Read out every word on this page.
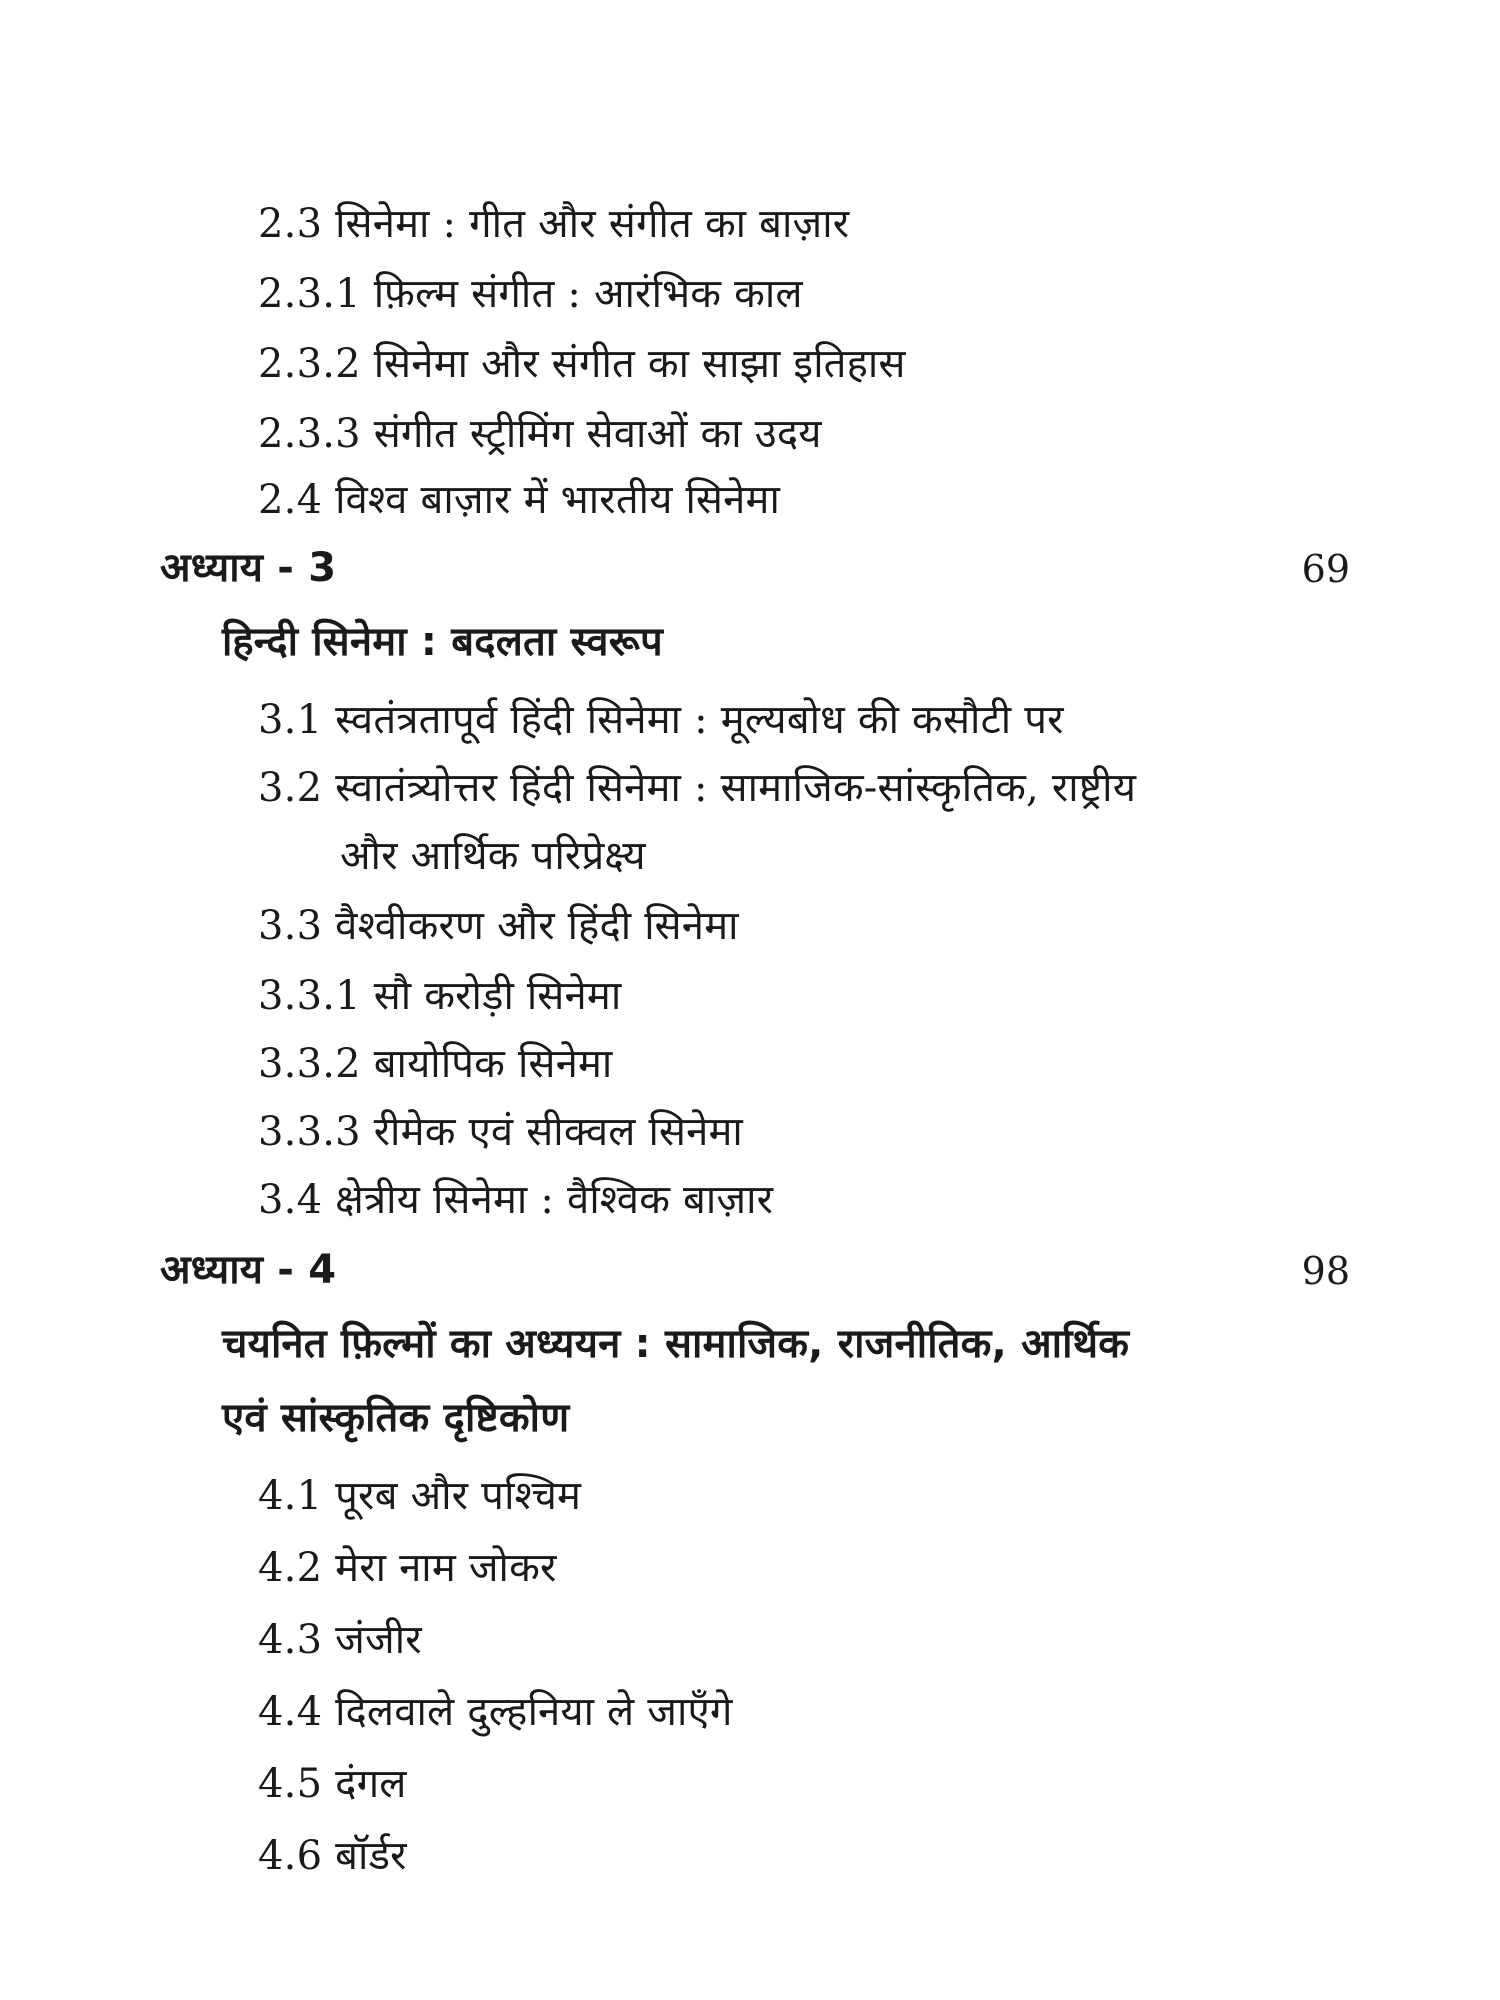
2.3 सिनेमा : गीत और संगीत का बाज़ार
2.3.1 फ़िल्म संगीत : आरंभिक काल
2.3.2 सिनेमा और संगीत का साझा इतिहास
2.3.3 संगीत स्ट्रीमिंग सेवाओं का उदय
2.4 विश्व बाज़ार में भारतीय सिनेमा
अध्याय - 3	69
हिन्दी सिनेमा : बदलता स्वरूप
3.1 स्वतंत्रतापूर्व हिंदी सिनेमा : मूल्यबोध की कसौटी पर
3.2 स्वातंत्र्योत्तर हिंदी सिनेमा : सामाजिक-सांस्कृतिक, राष्ट्रीय
और आर्थिक परिप्रेक्ष्य
3.3 वैश्वीकरण और हिंदी सिनेमा
3.3.1 सौ करोड़ी सिनेमा
3.3.2 बायोपिक सिनेमा
3.3.3 रीमेक एवं सीक्वल सिनेमा
3.4 क्षेत्रीय सिनेमा : वैश्विक बाज़ार
अध्याय - 4	98
चयनित फ़िल्मों का अध्ययन : सामाजिक, राजनीतिक, आर्थिक
एवं सांस्कृतिक दृष्टिकोण
4.1 पूरब और पश्चिम
4.2 मेरा नाम जोकर
4.3 जंजीर
4.4 दिलवाले दुल्हनिया ले जाएँगे
4.5 दंगल
4.6 बॉर्डर
